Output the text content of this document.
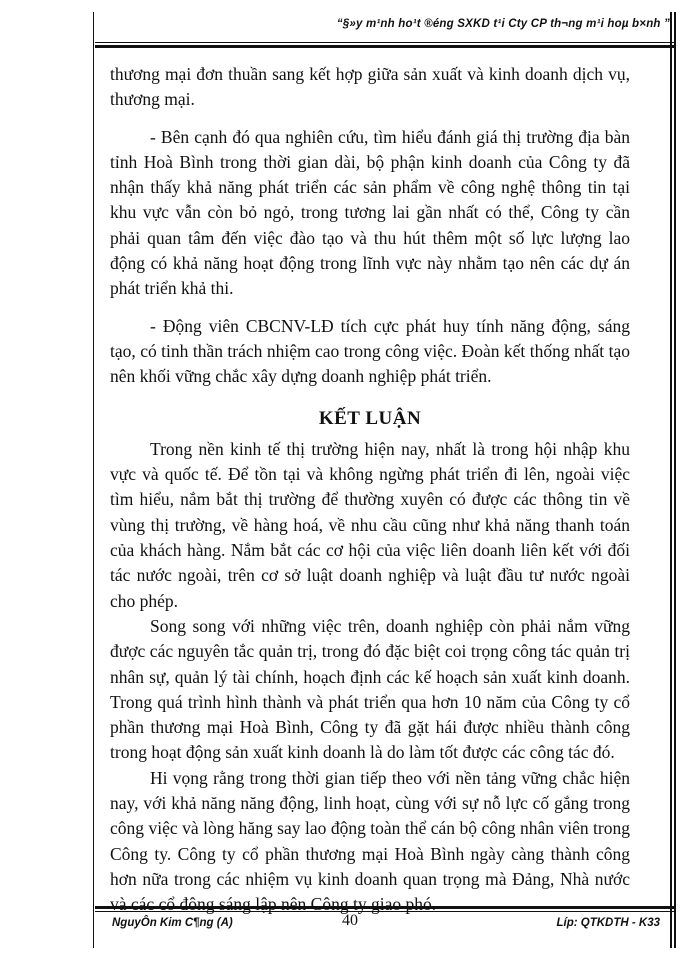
“§»y m¹nh ho¹t ®éng SXKD t¹i Cty CP th¬ng m¹i hoµ b×nh ”

thương mại đơn thuần sang kết hợp giữa sản xuất và kinh doanh dịch vụ, thương mại.

- Bên cạnh đó qua nghiên cứu, tìm hiểu đánh giá thị trường địa bàn tỉnh Hoà Bình trong thời gian dài, bộ phận kinh doanh của Công ty đã nhận thấy khả năng phát triển các sản phẩm về công nghệ thông tin tại khu vực vẫn còn bỏ ngỏ, trong tương lai gần nhất có thể, Công ty cần phải quan tâm đến việc đào tạo và thu hút thêm một số lực lượng lao động có khả năng hoạt động trong lĩnh vực này nhằm tạo nên các dự án phát triển khả thi.

- Động viên CBCNV-LĐ tích cực phát huy tính năng động, sáng tạo, có tinh thần trách nhiệm cao trong công việc. Đoàn kết thống nhất tạo nên khối vững chắc xây dựng doanh nghiệp phát triển.

KẾT LUẬN

Trong nền kinh tế thị trường hiện nay, nhất là trong hội nhập khu vực và quốc tế. Để tồn tại và không ngừng phát triển đi lên, ngoài việc tìm hiểu, nắm bắt thị trường để thường xuyên có được các thông tin về vùng thị trường, về hàng hoá, về nhu cầu cũng như khả năng thanh toán của khách hàng. Nắm bắt các cơ hội của việc liên doanh liên kết với đối tác nước ngoài, trên cơ sở luật doanh nghiệp và luật đầu tư nước ngoài cho phép.

Song song với những việc trên, doanh nghiệp còn phải nắm vững được các nguyên tắc quản trị, trong đó đặc biệt coi trọng công tác quản trị nhân sự, quản lý tài chính, hoạch định các kế hoạch sản xuất kinh doanh. Trong quá trình hình thành và phát triển qua hơn 10 năm của Công ty cổ phần thương mại Hoà Bình, Công ty đã gặt hái được nhiều thành công trong hoạt động sản xuất kinh doanh là do làm tốt được các công tác đó.

Hi vọng rằng trong thời gian tiếp theo với nền tảng vững chắc hiện nay, với khả năng năng động, linh hoạt, cùng với sự nỗ lực cố gắng trong công việc và lòng hăng say lao động toàn thể cán bộ công nhân viên trong Công ty. Công ty cổ phần thương mại Hoà Bình ngày càng thành công hơn nữa trong các nhiệm vụ kinh doanh quan trọng mà Đảng, Nhà nước và các cổ đông sáng lập nên Công ty giao phó.

NguyÔn Kim C¶ng (A)	40	Líp: QTKDTH - K33
